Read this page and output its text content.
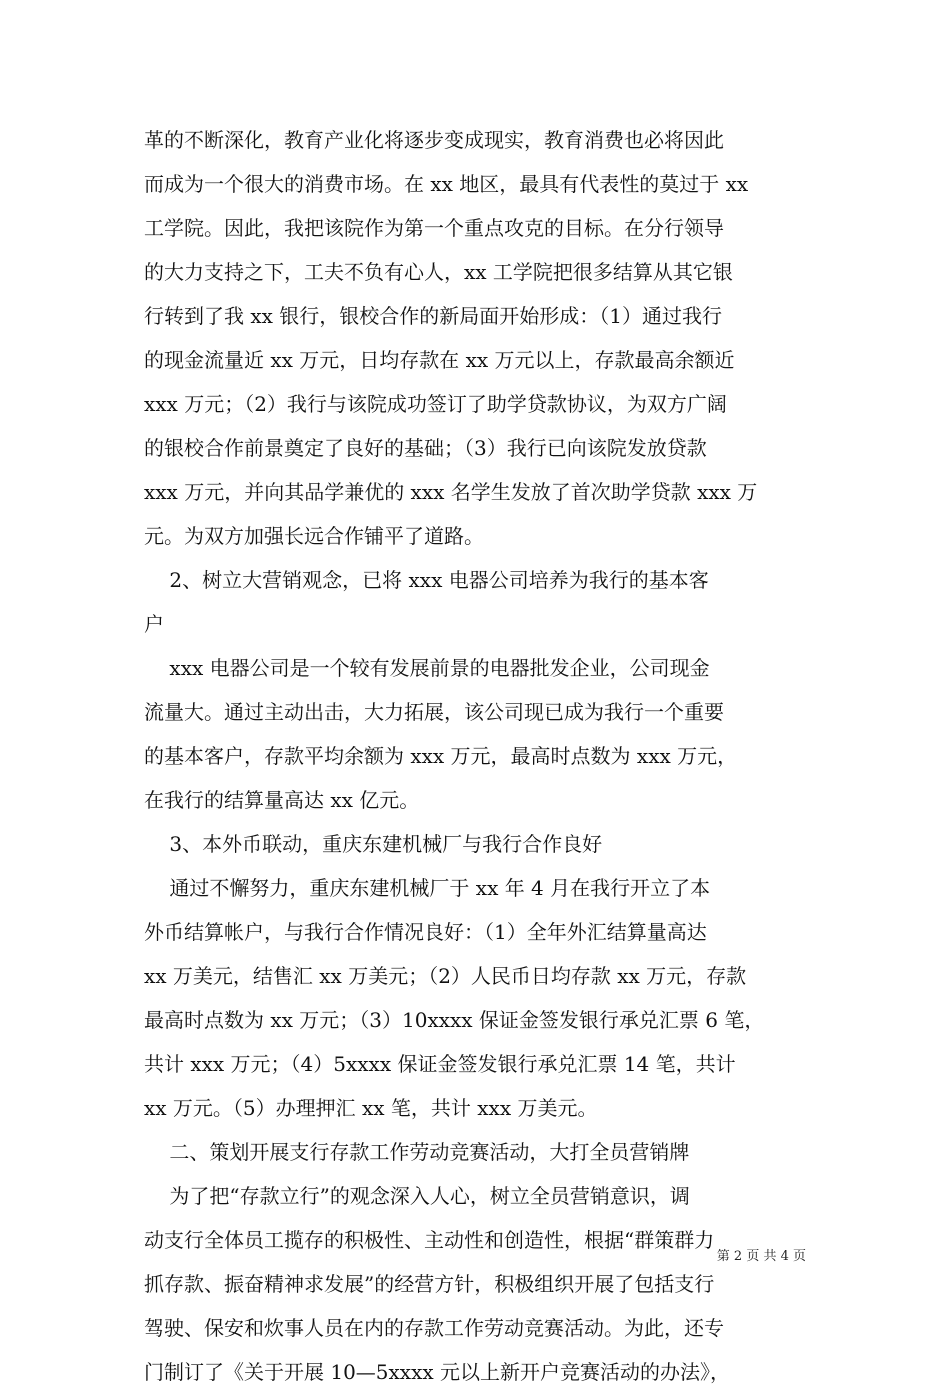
革的不断深化，教育产业化将逐步变成现实，教育消费也必将因此

而成为一个很大的消费市场。在 xx 地区，最具有代表性的莫过于 xx

工学院。因此，我把该院作为第一个重点攻克的目标。在分行领导

的大力支持之下，工夫不负有心人，xx 工学院把很多结算从其它银

行转到了我 xx 银行，银校合作的新局面开始形成：（1）通过我行

的现金流量近 xx 万元，日均存款在 xx 万元以上，存款最高余额近

xxx 万元；（2）我行与该院成功签订了助学贷款协议，为双方广阔

的银校合作前景奠定了良好的基础；（3）我行已向该院发放贷款

xxx 万元，并向其品学兼优的 xxx 名学生发放了首次助学贷款 xxx 万

元。为双方加强长远合作铺平了道路。

2、树立大营销观念，已将 xxx 电器公司培养为我行的基本客

户

xxx 电器公司是一个较有发展前景的电器批发企业，公司现金

流量大。通过主动出击，大力拓展，该公司现已成为我行一个重要

的基本客户，存款平均余额为 xxx 万元，最高时点数为 xxx 万元，

在我行的结算量高达 xx 亿元。

3、本外币联动，重庆东建机械厂与我行合作良好

通过不懈努力，重庆东建机械厂于 xx 年 4 月在我行开立了本

外币结算帐户，与我行合作情况良好：（1）全年外汇结算量高达

xx 万美元，结售汇 xx 万美元；（2）人民币日均存款 xx 万元，存款

最高时点数为 xx 万元；（3）10xxxx 保证金签发银行承兑汇票 6 笔，

共计 xxx 万元；（4）5xxxx 保证金签发银行承兑汇票 14 笔，共计

xx 万元。（5）办理押汇 xx 笔，共计 xxx 万美元。

二、策划开展支行存款工作劳动竞赛活动，大打全员营销牌

为了把“存款立行”的观念深入人心，树立全员营销意识，调

动支行全体员工揽存的积极性、主动性和创造性，根据“群策群力

抓存款、振奋精神求发展”的经营方针，积极组织开展了包括支行

驾驶、保安和炊事人员在内的存款工作劳动竞赛活动。为此，还专

门制订了《关于开展 10—5xxxx 元以上新开户竞赛活动的办法》，

第 2 页 共 4 页
